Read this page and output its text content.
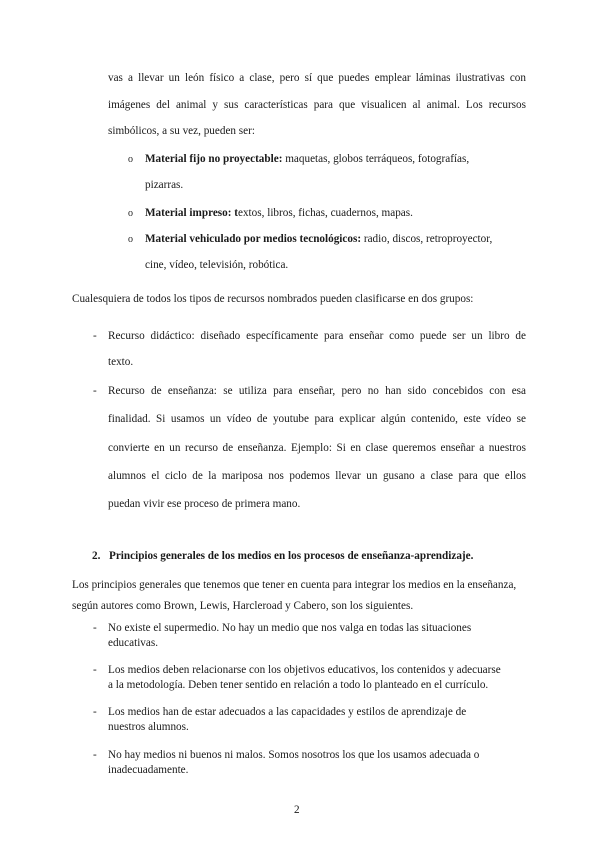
vas a llevar un león físico a clase, pero sí que puedes emplear láminas ilustrativas con
imágenes del animal y sus características para que visualicen al animal. Los recursos
simbólicos, a su vez, pueden ser:
o Material fijo no proyectable: maquetas, globos terráqueos, fotografías,
pizarras.
o Material impreso: textos, libros, fichas, cuadernos, mapas.
o Material vehiculado por medios tecnológicos: radio, discos, retroproyector,
cine, vídeo, televisión, robótica.
Cualesquiera de todos los tipos de recursos nombrados pueden clasificarse en dos grupos:
- Recurso didáctico: diseñado específicamente para enseñar como puede ser un libro de
texto.
- Recurso de enseñanza: se utiliza para enseñar, pero no han sido concebidos con esa
finalidad. Si usamos un vídeo de youtube para explicar algún contenido, este vídeo se
convierte en un recurso de enseñanza. Ejemplo: Si en clase queremos enseñar a nuestros
alumnos el ciclo de la mariposa nos podemos llevar un gusano a clase para que ellos
puedan vivir ese proceso de primera mano.
2. Principios generales de los medios en los procesos de enseñanza-aprendizaje.
Los principios generales que tenemos que tener en cuenta para integrar los medios en la enseñanza,
según autores como Brown, Lewis, Harcleroad y Cabero, son los siguientes.
- No existe el supermedio. No hay un medio que nos valga en todas las situaciones
educativas.
- Los medios deben relacionarse con los objetivos educativos, los contenidos y adecuarse
a la metodología. Deben tener sentido en relación a todo lo planteado en el currículo.
- Los medios han de estar adecuados a las capacidades y estilos de aprendizaje de
nuestros alumnos.
- No hay medios ni buenos ni malos. Somos nosotros los que los usamos adecuada o
inadecuadamente.
2
